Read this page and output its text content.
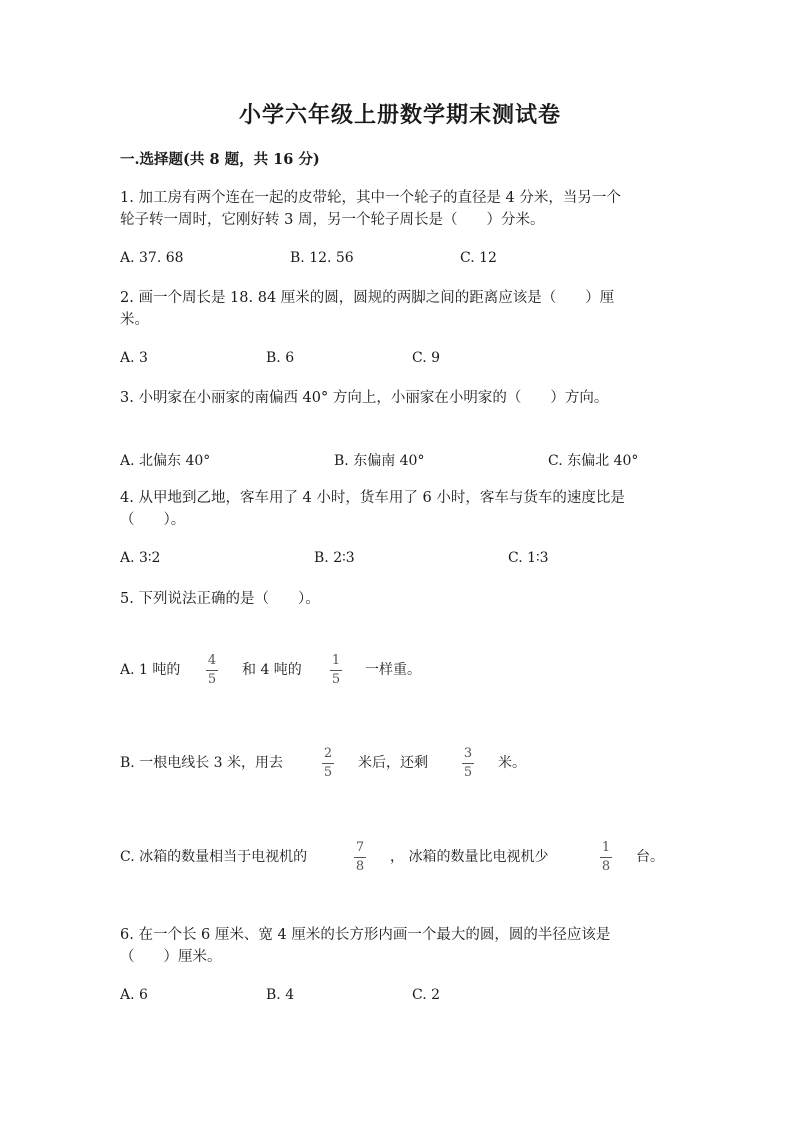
小学六年级上册数学期末测试卷
一.选择题(共 8 题，共 16 分)
1. 加工房有两个连在一起的皮带轮，其中一个轮子的直径是 4 分米，当另一个
轮子转一周时，它刚好转 3 周，另一个轮子周长是（　　）分米。
A. 37. 68	B. 12. 56	C. 12
2. 画一个周长是 18. 84 厘米的圆，圆规的两脚之间的距离应该是（　　）厘
米。
A. 3	B. 6	C. 9
3. 小明家在小丽家的南偏西 40° 方向上，小丽家在小明家的（　　）方向。
A. 北偏东 40°	B. 东偏南 40°	C. 东偏北 40°
4. 从甲地到乙地，客车用了 4 小时，货车用了 6 小时，客车与货车的速度比是
（　　）。
A. 3∶2	B. 2∶3	C. 1∶3
5. 下列说法正确的是（　　）。
A. 1 吨的
4
5
和 4 吨的
1
5
一样重。
B. 一根电线长 3 米，用去
2
5
米后，还剩
3
5
米。
C. 冰箱的数量相当于电视机的
7
8
， 冰箱的数量比电视机少
1
8
台。
6. 在一个长 6 厘米、宽 4 厘米的长方形内画一个最大的圆，圆的半径应该是
（　　）厘米。
A. 6	B. 4	C. 2
